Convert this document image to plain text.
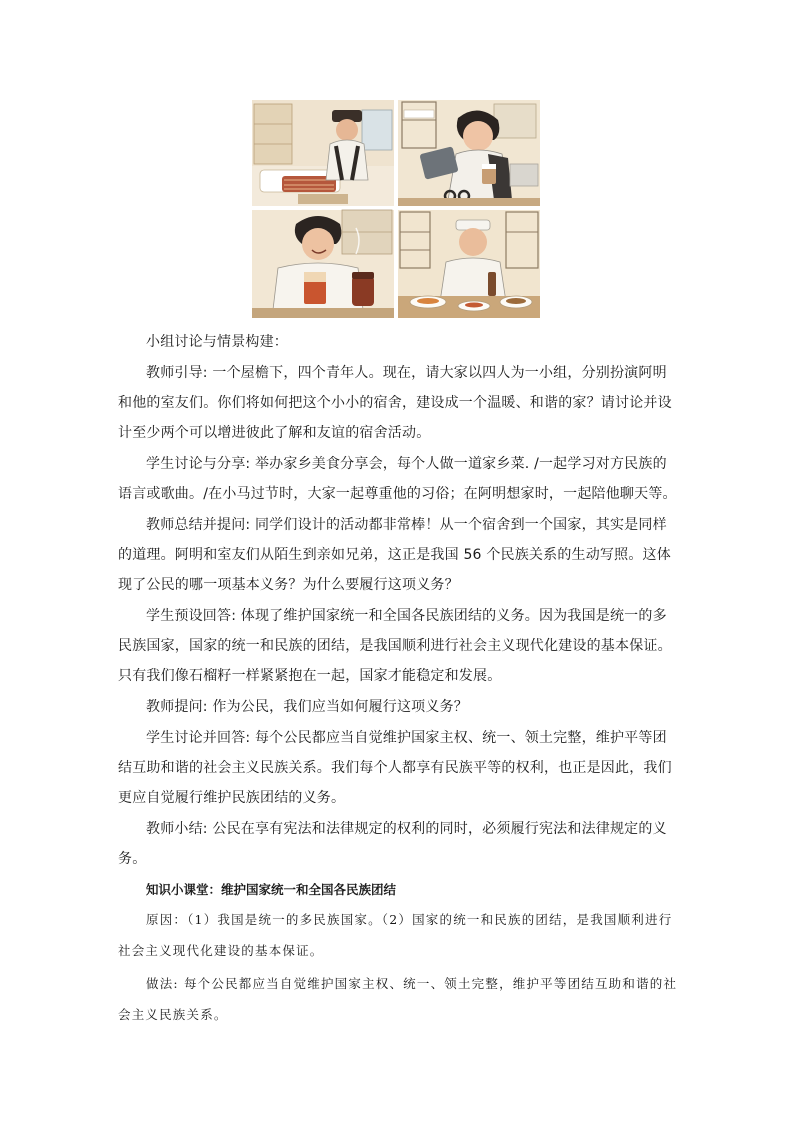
小组讨论与情景构建：

教师引导: 一个屋檐下，四个青年人。现在，请大家以四人为一小组，分别扮演阿明和他的室友们。你们将如何把这个小小的宿舍，建设成一个温暖、和谐的家？请讨论并设计至少两个可以增进彼此了解和友谊的宿舍活动。

学生讨论与分享: 举办家乡美食分享会，每个人做一道家乡菜. /一起学习对方民族的语言或歌曲。/在小马过节时，大家一起尊重他的习俗；在阿明想家时，一起陪他聊天等。

教师总结并提问: 同学们设计的活动都非常棒！从一个宿舍到一个国家，其实是同样的道理。阿明和室友们从陌生到亲如兄弟，这正是我国 56 个民族关系的生动写照。这体现了公民的哪一项基本义务？为什么要履行这项义务？

学生预设回答: 体现了维护国家统一和全国各民族团结的义务。因为我国是统一的多民族国家，国家的统一和民族的团结，是我国顺利进行社会主义现代化建设的基本保证。只有我们像石榴籽一样紧紧抱在一起，国家才能稳定和发展。

教师提问: 作为公民，我们应当如何履行这项义务？

学生讨论并回答: 每个公民都应当自觉维护国家主权、统一、领土完整，维护平等团结互助和谐的社会主义民族关系。我们每个人都享有民族平等的权利，也正是因此，我们更应自觉履行维护民族团结的义务。

教师小结: 公民在享有宪法和法律规定的权利的同时，必须履行宪法和法律规定的义务。

知识小课堂：维护国家统一和全国各民族团结

原因：（1）我国是统一的多民族国家。（2）国家的统一和民族的团结，是我国顺利进行社会主义现代化建设的基本保证。

做法: 每个公民都应当自觉维护国家主权、统一、领土完整，维护平等团结互助和谐的社会主义民族关系。
